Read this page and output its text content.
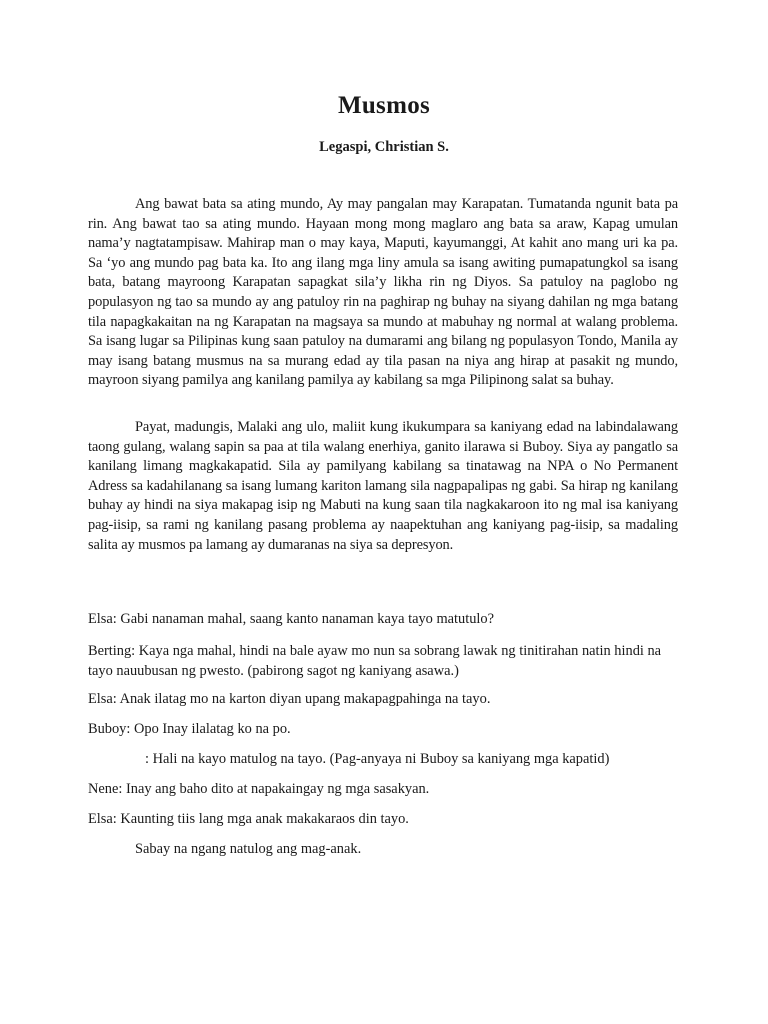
Musmos

Legaspi, Christian S.

Ang bawat bata sa ating mundo, Ay may pangalan may Karapatan. Tumatanda ngunit bata pa rin. Ang bawat tao sa ating mundo. Hayaan mong mong maglaro ang bata sa araw, Kapag umulan nama’y nagtatampisaw. Mahirap man o may kaya, Maputi, kayumanggi, At kahit ano mang uri ka pa. Sa ‘yo ang mundo pag bata ka. Ito ang ilang mga liny amula sa isang awiting pumapatungkol sa isang bata, batang mayroong Karapatan sapagkat sila’y likha rin ng Diyos. Sa patuloy na paglobo ng populasyon ng tao sa mundo ay ang patuloy rin na paghirap ng buhay na siyang dahilan ng mga batang tila napagkakaitan na ng Karapatan na magsaya sa mundo at mabuhay ng normal at walang problema. Sa isang lugar sa Pilipinas kung saan patuloy na dumarami ang bilang ng populasyon Tondo, Manila ay may isang batang musmus na sa murang edad ay tila pasan na niya ang hirap at pasakit ng mundo, mayroon siyang pamilya ang kanilang pamilya ay kabilang sa mga Pilipinong salat sa buhay.

Payat, madungis, Malaki ang ulo, maliit kung ikukumpara sa kaniyang edad na labindalawang taong gulang, walang sapin sa paa at tila walang enerhiya, ganito ilarawa si Buboy. Siya ay pangatlo sa kanilang limang magkakapatid. Sila ay pamilyang kabilang sa tinatawag na NPA o No Permanent Adress sa kadahilanang sa isang lumang kariton lamang sila nagpapalipas ng gabi. Sa hirap ng kanilang buhay ay hindi na siya makapag isip ng Mabuti na kung saan tila nagkakaroon ito ng mal isa kaniyang pag-iisip, sa rami ng kanilang pasang problema ay naapektuhan ang kaniyang pag-iisip, sa madaling salita ay musmos pa lamang ay dumaranas na siya sa depresyon.

Elsa: Gabi nanaman mahal, saang kanto nanaman kaya tayo matutulo?

Berting: Kaya nga mahal, hindi na bale ayaw mo nun sa sobrang lawak ng tinitirahan natin hindi na tayo nauubusan ng pwesto. (pabirong sagot ng kaniyang asawa.)

Elsa: Anak ilatag mo na karton diyan upang makapagpahinga na tayo.

Buboy: Opo Inay ilalatag ko na po.

: Hali na kayo matulog na tayo. (Pag-anyaya ni Buboy sa kaniyang mga kapatid)

Nene: Inay ang baho dito at napakaingay ng mga sasakyan.

Elsa: Kaunting tiis lang mga anak makakaraos din tayo.

Sabay na ngang natulog ang mag-anak.
